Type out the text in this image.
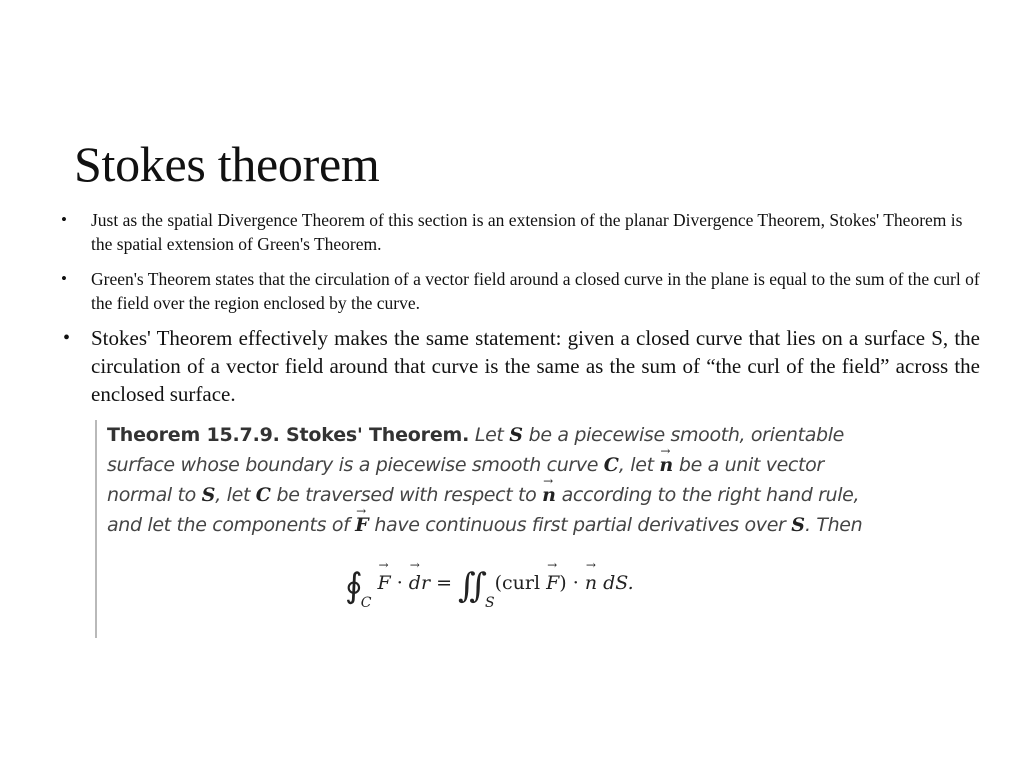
Stokes theorem
• Just as the spatial Divergence Theorem of this section is an extension of the planar Divergence Theorem, Stokes' Theorem is the spatial extension of Green's Theorem.
• Green's Theorem states that the circulation of a vector field around a closed curve in the plane is equal to the sum of the curl of the field over the region enclosed by the curve.
• Stokes' Theorem effectively makes the same statement: given a closed curve that lies on a surface S, the circulation of a vector field around that curve is the same as the sum of “the curl of the field” across the enclosed surface.
Theorem 15.7.9. Stokes' Theorem. Let S be a piecewise smooth, orientable surface whose boundary is a piecewise smooth curve C, let n → be a unit vector normal to S, let C be traversed with respect to n → according to the right hand rule, and let the components of F → have continuous first partial derivatives over S. Then
$∮_C$ F → · dr → = $∬_S(curl$ F →) · n → dS.
